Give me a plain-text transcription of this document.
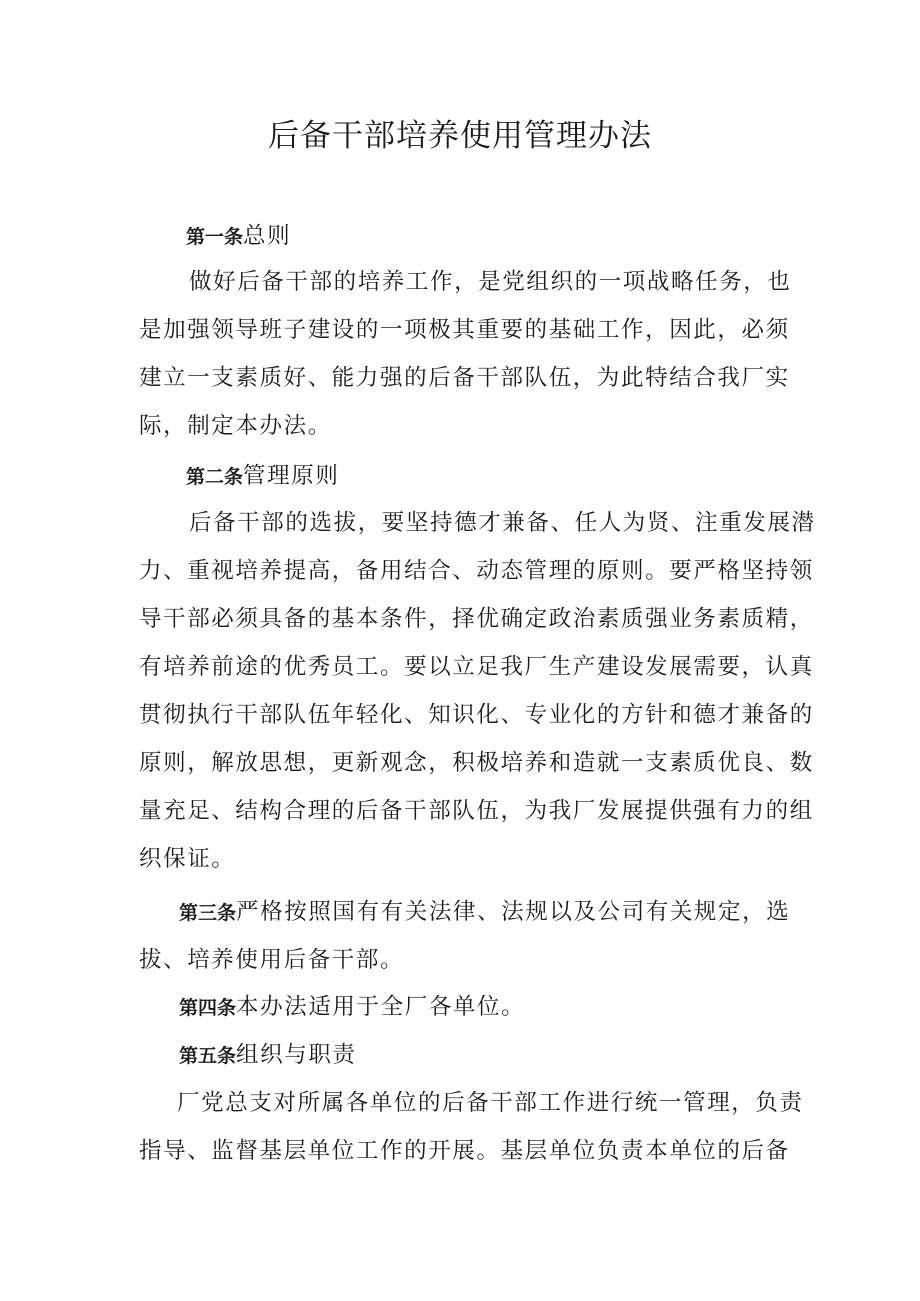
后备干部培养使用管理办法
第一条总则
做好后备干部的培养工作，是党组织的一项战略任务，也
是加强领导班子建设的一项极其重要的基础工作，因此，必须
建立一支素质好、能力强的后备干部队伍，为此特结合我厂实
际，制定本办法。
第二条管理原则
后备干部的选拔，要坚持德才兼备、任人为贤、注重发展潜
力、重视培养提高，备用结合、动态管理的原则。要严格坚持领
导干部必须具备的基本条件，择优确定政治素质强业务素质精，
有培养前途的优秀员工。要以立足我厂生产建设发展需要，认真
贯彻执行干部队伍年轻化、知识化、专业化的方针和德才兼备的
原则，解放思想，更新观念，积极培养和造就一支素质优良、数
量充足、结构合理的后备干部队伍，为我厂发展提供强有力的组
织保证。
第三条严格按照国有有关法律、法规以及公司有关规定，选
拔、培养使用后备干部。
第四条本办法适用于全厂各单位。
第五条组织与职责
厂党总支对所属各单位的后备干部工作进行统一管理，负责
指导、监督基层单位工作的开展。基层单位负责本单位的后备
